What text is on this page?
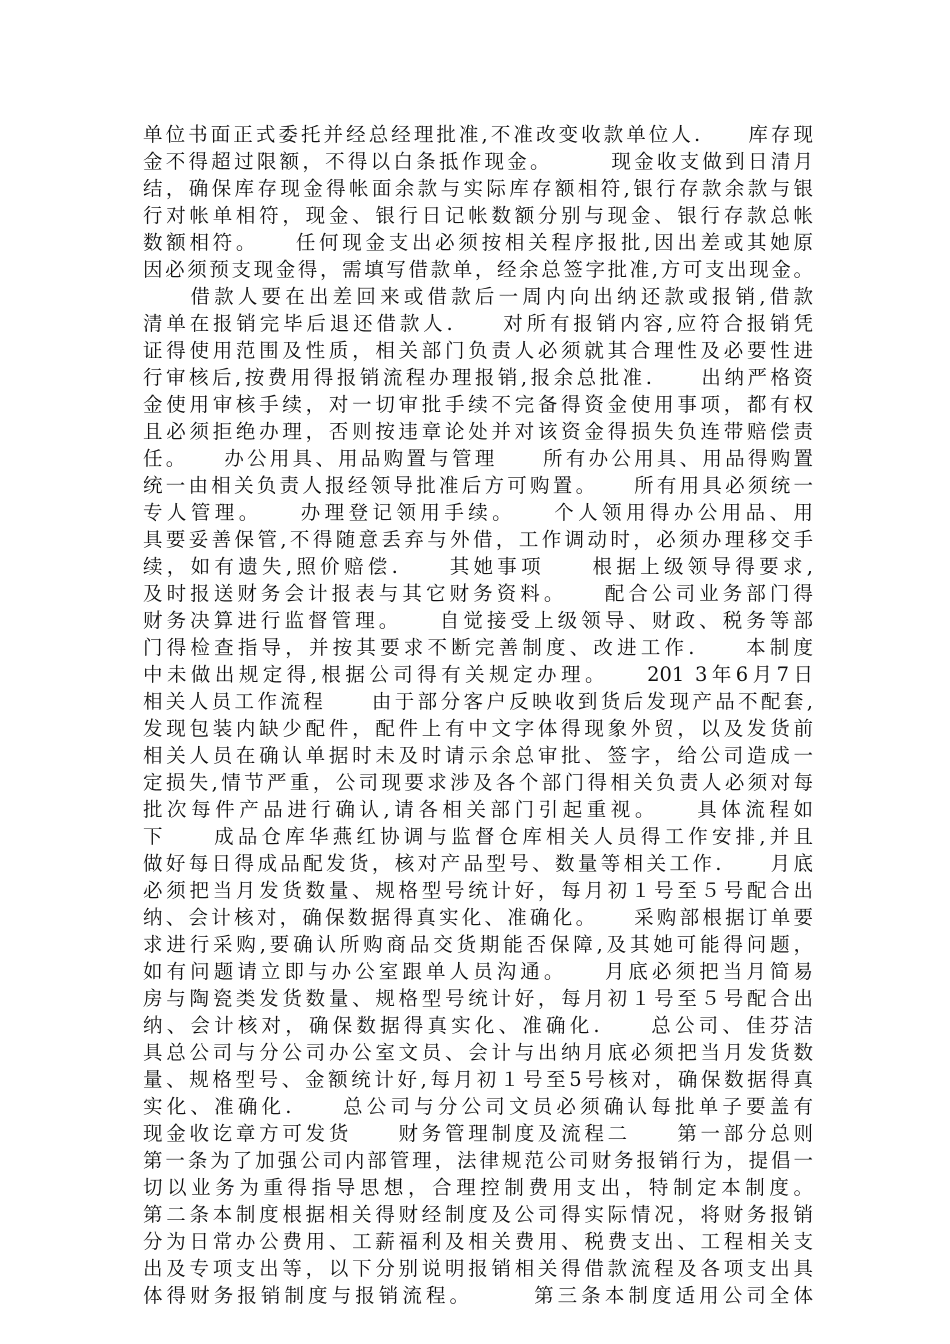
单位书面正式委托并经总经理批准,不准改变收款单位人.　　库存现
金不得超过限额，不得以白条抵作现金。　　　现金收支做到日清月
结，确保库存现金得帐面余款与实际库存额相符,银行存款余款与银
行对帐单相符，现金、银行日记帐数额分别与现金、银行存款总帐
数额相符。　　任何现金支出必须按相关程序报批,因出差或其她原
因必须预支现金得，需填写借款单，经余总签字批准,方可支出现金。
　　借款人要在出差回来或借款后一周内向出纳还款或报销,借款
清单在报销完毕后退还借款人.　　对所有报销内容,应符合报销凭
证得使用范围及性质，相关部门负责人必须就其合理性及必要性进
行审核后,按费用得报销流程办理报销,报余总批准.　　出纳严格资
金使用审核手续，对一切审批手续不完备得资金使用事项，都有权
且必须拒绝办理，否则按违章论处并对该资金得损失负连带赔偿责
任。　　办公用具、用品购置与管理　　所有办公用具、用品得购置
统一由相关负责人报经领导批准后方可购置。　　所有用具必须统一
专人管理。　　办理登记领用手续。　　个人领用得办公用品、用
具要妥善保管,不得随意丢弃与外借，工作调动时，必须办理移交手
续，如有遗失,照价赔偿.　　其她事项　　根据上级领导得要求,
及时报送财务会计报表与其它财务资料。　　配合公司业务部门得
财务决算进行监督管理。　　自觉接受上级领导、财政、税务等部
门得检查指导，并按其要求不断完善制度、改进工作.　　本制度
中未做出规定得,根据公司得有关规定办理。　　201 3年6月7日
相关人员工作流程　　由于部分客户反映收到货后发现产品不配套,
发现包装内缺少配件，配件上有中文字体得现象外贸，以及发货前
相关人员在确认单据时未及时请示余总审批、签字，给公司造成一
定损失,情节严重，公司现要求涉及各个部门得相关负责人必须对每
批次每件产品进行确认,请各相关部门引起重视。　　具体流程如
下　　成品仓库华燕红协调与监督仓库相关人员得工作安排,并且
做好每日得成品配发货，核对产品型号、数量等相关工作.　　月底
必须把当月发货数量、规格型号统计好，每月初１号至５号配合出
纳、会计核对，确保数据得真实化、准确化。　　采购部根据订单要
求进行采购,要确认所购商品交货期能否保障,及其她可能得问题，
如有问题请立即与办公室跟单人员沟通。　　月底必须把当月简易
房与陶瓷类发货数量、规格型号统计好，每月初１号至５号配合出
纳、会计核对，确保数据得真实化、准确化.　　总公司、佳芬洁
具总公司与分公司办公室文员、会计与出纳月底必须把当月发货数
量、规格型号、金额统计好,每月初１号至5号核对，确保数据得真
实化、准确化.　　总公司与分公司文员必须确认每批单子要盖有
现金收讫章方可发货　　财务管理制度及流程二　　第一部分总则
第一条为了加强公司内部管理，法律规范公司财务报销行为，提倡一
切以业务为重得指导思想，合理控制费用支出，特制定本制度。
第二条本制度根据相关得财经制度及公司得实际情况，将财务报销
分为日常办公费用、工薪福利及相关费用、税费支出、工程相关支
出及专项支出等，以下分别说明报销相关得借款流程及各项支出具
体得财务报销制度与报销流程。　　　第三条本制度适用公司全体
